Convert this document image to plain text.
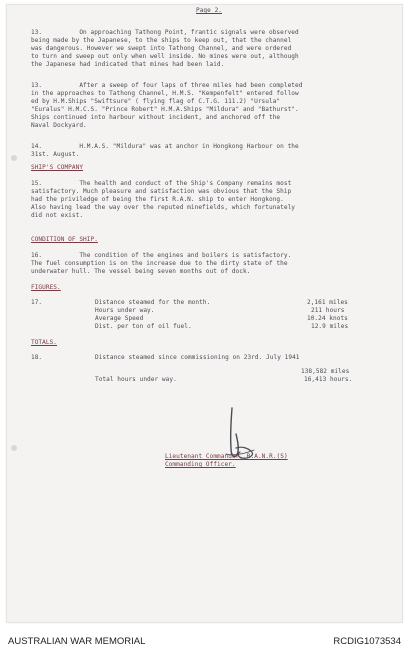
Page 2.
13.          On approaching Tathong Point, frantic signals were observed
being made by the Japanese, to the ships to keep out, that the channel
was dangerous. However we swept into Tathong Channel, and were ordered
to turn and sweep out only when well inside. No mines were out, although
the Japanese had indicated that mines had been laid.
13.          After a sweep of four laps of three miles had been completed
in the approaches to Tathong Channel, H.M.S. "Kempenfelt" entered follow
ed by H.M.Ships "Swiftsure" ( flying flag of C.T.G. 111.2) "Ursula"
"Euralus" H.M.C.S. "Prince Robert" H.M.A.Ships "Mildura" and "Bathurst".
Ships continued into harbour without incident, and anchored off the
Naval Dockyard.
14.          H.M.A.S. "Mildura" was at anchor in Hongkong Harbour on the
31st. August.
SHIP'S COMPANY
15.          The health and conduct of the Ship's Company remains most
satisfactory. Much pleasure and satisfaction was obvious that the Ship
had the priviledge of being the first R.A.N. ship to enter Hongkong.
Also having lead the way over the reputed minefields, which fortunately
did not exist.
CONDITION OF SHIP.
16.          The condition of the engines and boilers is satisfactory.
The fuel consumption is on the increase due to the dirty state of the
underwater hull. The vessel being seven months out of dock.
FIGURES.
17.	Distance steamed for the month.	2,161 miles
Hours under way.	211 hours
Average Speed	10.24 knots
Dist. per ton of oil fuel.	12.9 miles
TOTALS.
18.	Distance steamed since commissioning on 23rd. July 1941
138,582 miles
Total hours under way.	16,413 hours.
Lieutenant Commander, R.A.N.R.(S)
Commanding Officer.
AUSTRALIAN WAR MEMORIAL	RCDIG1073534
